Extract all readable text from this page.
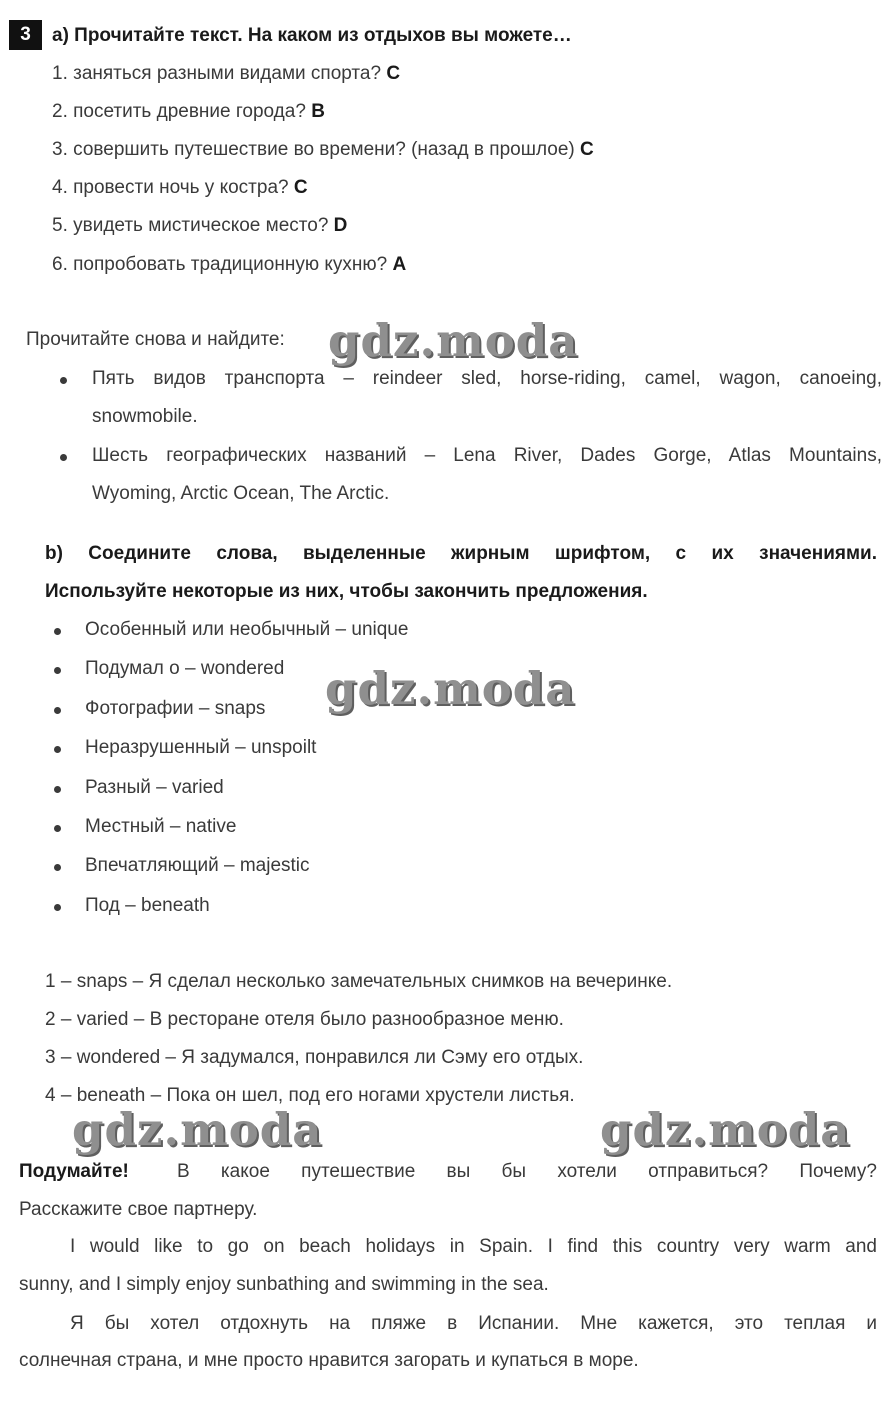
3	a) Прочитайте текст. На каком из отдыхов вы можете…
1. заняться разными видами спорта? C
2. посетить древние города? B
3. совершить путешествие во времени? (назад в прошлое) C
4. провести ночь у костра? C
5. увидеть мистическое место? D
6. попробовать традиционную кухню? A
Прочитайте снова и найдите:
Пять видов транспорта – reindeer sled, horse-riding, camel, wagon, canoeing,
snowmobile.
Шесть географических названий – Lena River, Dades Gorge, Atlas Mountains,
Wyoming, Arctic Ocean, The Arctic.
b) Соедините слова, выделенные жирным шрифтом, с их значениями.
Используйте некоторые из них, чтобы закончить предложения.
Особенный или необычный – unique
Подумал о – wondered
Фотографии – snaps
Неразрушенный – unspoilt
Разный – varied
Местный – native
Впечатляющий – majestic
Под – beneath
1 – snaps – Я сделал несколько замечательных снимков на вечеринке.
2 – varied – В ресторане отеля было разнообразное меню.
3 – wondered – Я задумался, понравился ли Сэму его отдых.
4 – beneath – Пока он шел, под его ногами хрустели листья.
Подумайте!	В какое путешествие вы бы хотели отправиться? Почему?
Расскажите свое партнеру.
I would like to go on beach holidays in Spain. I find this country very warm and
sunny, and I simply enjoy sunbathing and swimming in the sea.
Я бы хотел отдохнуть на пляже в Испании. Мне кажется, это теплая и
солнечная страна, и мне просто нравится загорать и купаться в море.
gdz.moda
gdz.moda
gdz.moda	gdz.moda
